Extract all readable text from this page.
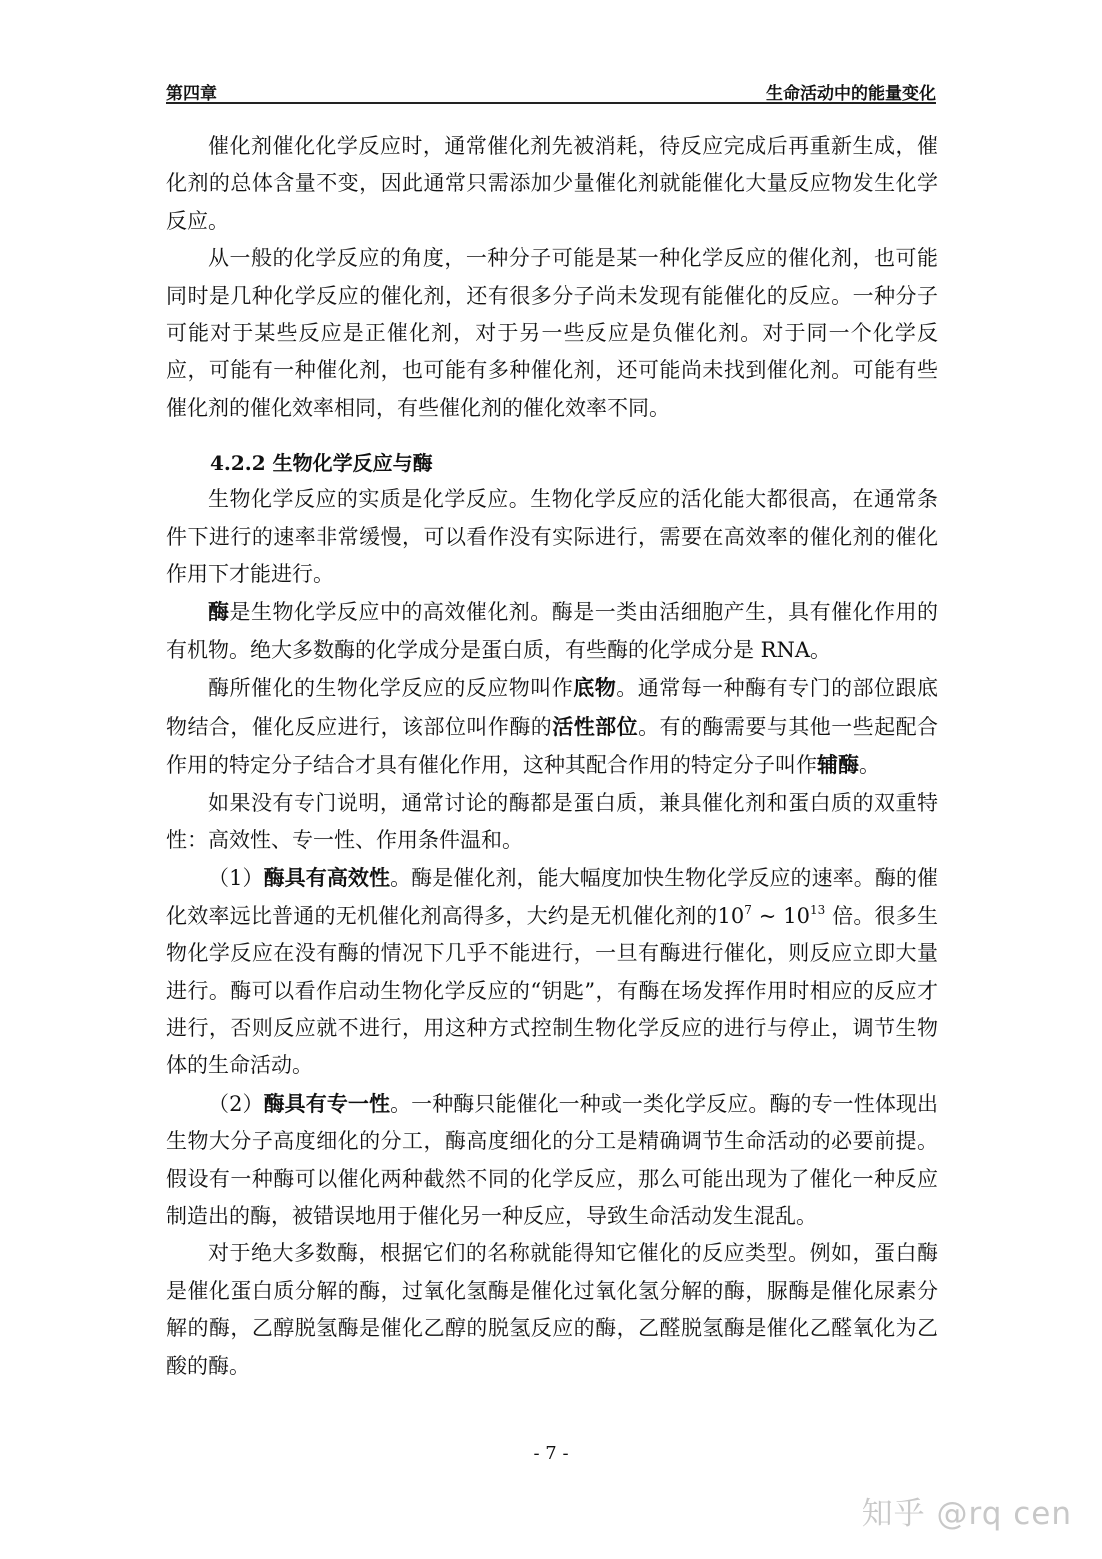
第四章	生命活动中的能量变化

催化剂催化化学反应时，通常催化剂先被消耗，待反应完成后再重新生成，催化剂的总体含量不变，因此通常只需添加少量催化剂就能催化大量反应物发生化学反应。

从一般的化学反应的角度，一种分子可能是某一种化学反应的催化剂，也可能同时是几种化学反应的催化剂，还有很多分子尚未发现有能催化的反应。一种分子可能对于某些反应是正催化剂，对于另一些反应是负催化剂。对于同一个化学反应，可能有一种催化剂，也可能有多种催化剂，还可能尚未找到催化剂。可能有些催化剂的催化效率相同，有些催化剂的催化效率不同。

4.2.2 生物化学反应与酶

生物化学反应的实质是化学反应。生物化学反应的活化能大都很高，在通常条件下进行的速率非常缓慢，可以看作没有实际进行，需要在高效率的催化剂的催化作用下才能进行。

酶是生物化学反应中的高效催化剂。酶是一类由活细胞产生，具有催化作用的有机物。绝大多数酶的化学成分是蛋白质，有些酶的化学成分是 RNA。

酶所催化的生物化学反应的反应物叫作底物。通常每一种酶有专门的部位跟底物结合，催化反应进行，该部位叫作酶的活性部位。有的酶需要与其他一些起配合作用的特定分子结合才具有催化作用，这种其配合作用的特定分子叫作辅酶。

如果没有专门说明，通常讨论的酶都是蛋白质，兼具催化剂和蛋白质的双重特性：高效性、专一性、作用条件温和。

（1）酶具有高效性。酶是催化剂，能大幅度加快生物化学反应的速率。酶的催化效率远比普通的无机催化剂高得多，大约是无机催化剂的$10^7$ ~ $10^{13}$ 倍。很多生物化学反应在没有酶的情况下几乎不能进行，一旦有酶进行催化，则反应立即大量进行。酶可以看作启动生物化学反应的“钥匙”，有酶在场发挥作用时相应的反应才进行，否则反应就不进行，用这种方式控制生物化学反应的进行与停止，调节生物体的生命活动。

（2）酶具有专一性。一种酶只能催化一种或一类化学反应。酶的专一性体现出生物大分子高度细化的分工，酶高度细化的分工是精确调节生命活动的必要前提。假设有一种酶可以催化两种截然不同的化学反应，那么可能出现为了催化一种反应制造出的酶，被错误地用于催化另一种反应，导致生命活动发生混乱。

对于绝大多数酶，根据它们的名称就能得知它催化的反应类型。例如，蛋白酶是催化蛋白质分解的酶，过氧化氢酶是催化过氧化氢分解的酶，脲酶是催化尿素分解的酶，乙醇脱氢酶是催化乙醇的脱氢反应的酶，乙醛脱氢酶是催化乙醛氧化为乙酸的酶。

- 7 -
知乎 @rq cen
